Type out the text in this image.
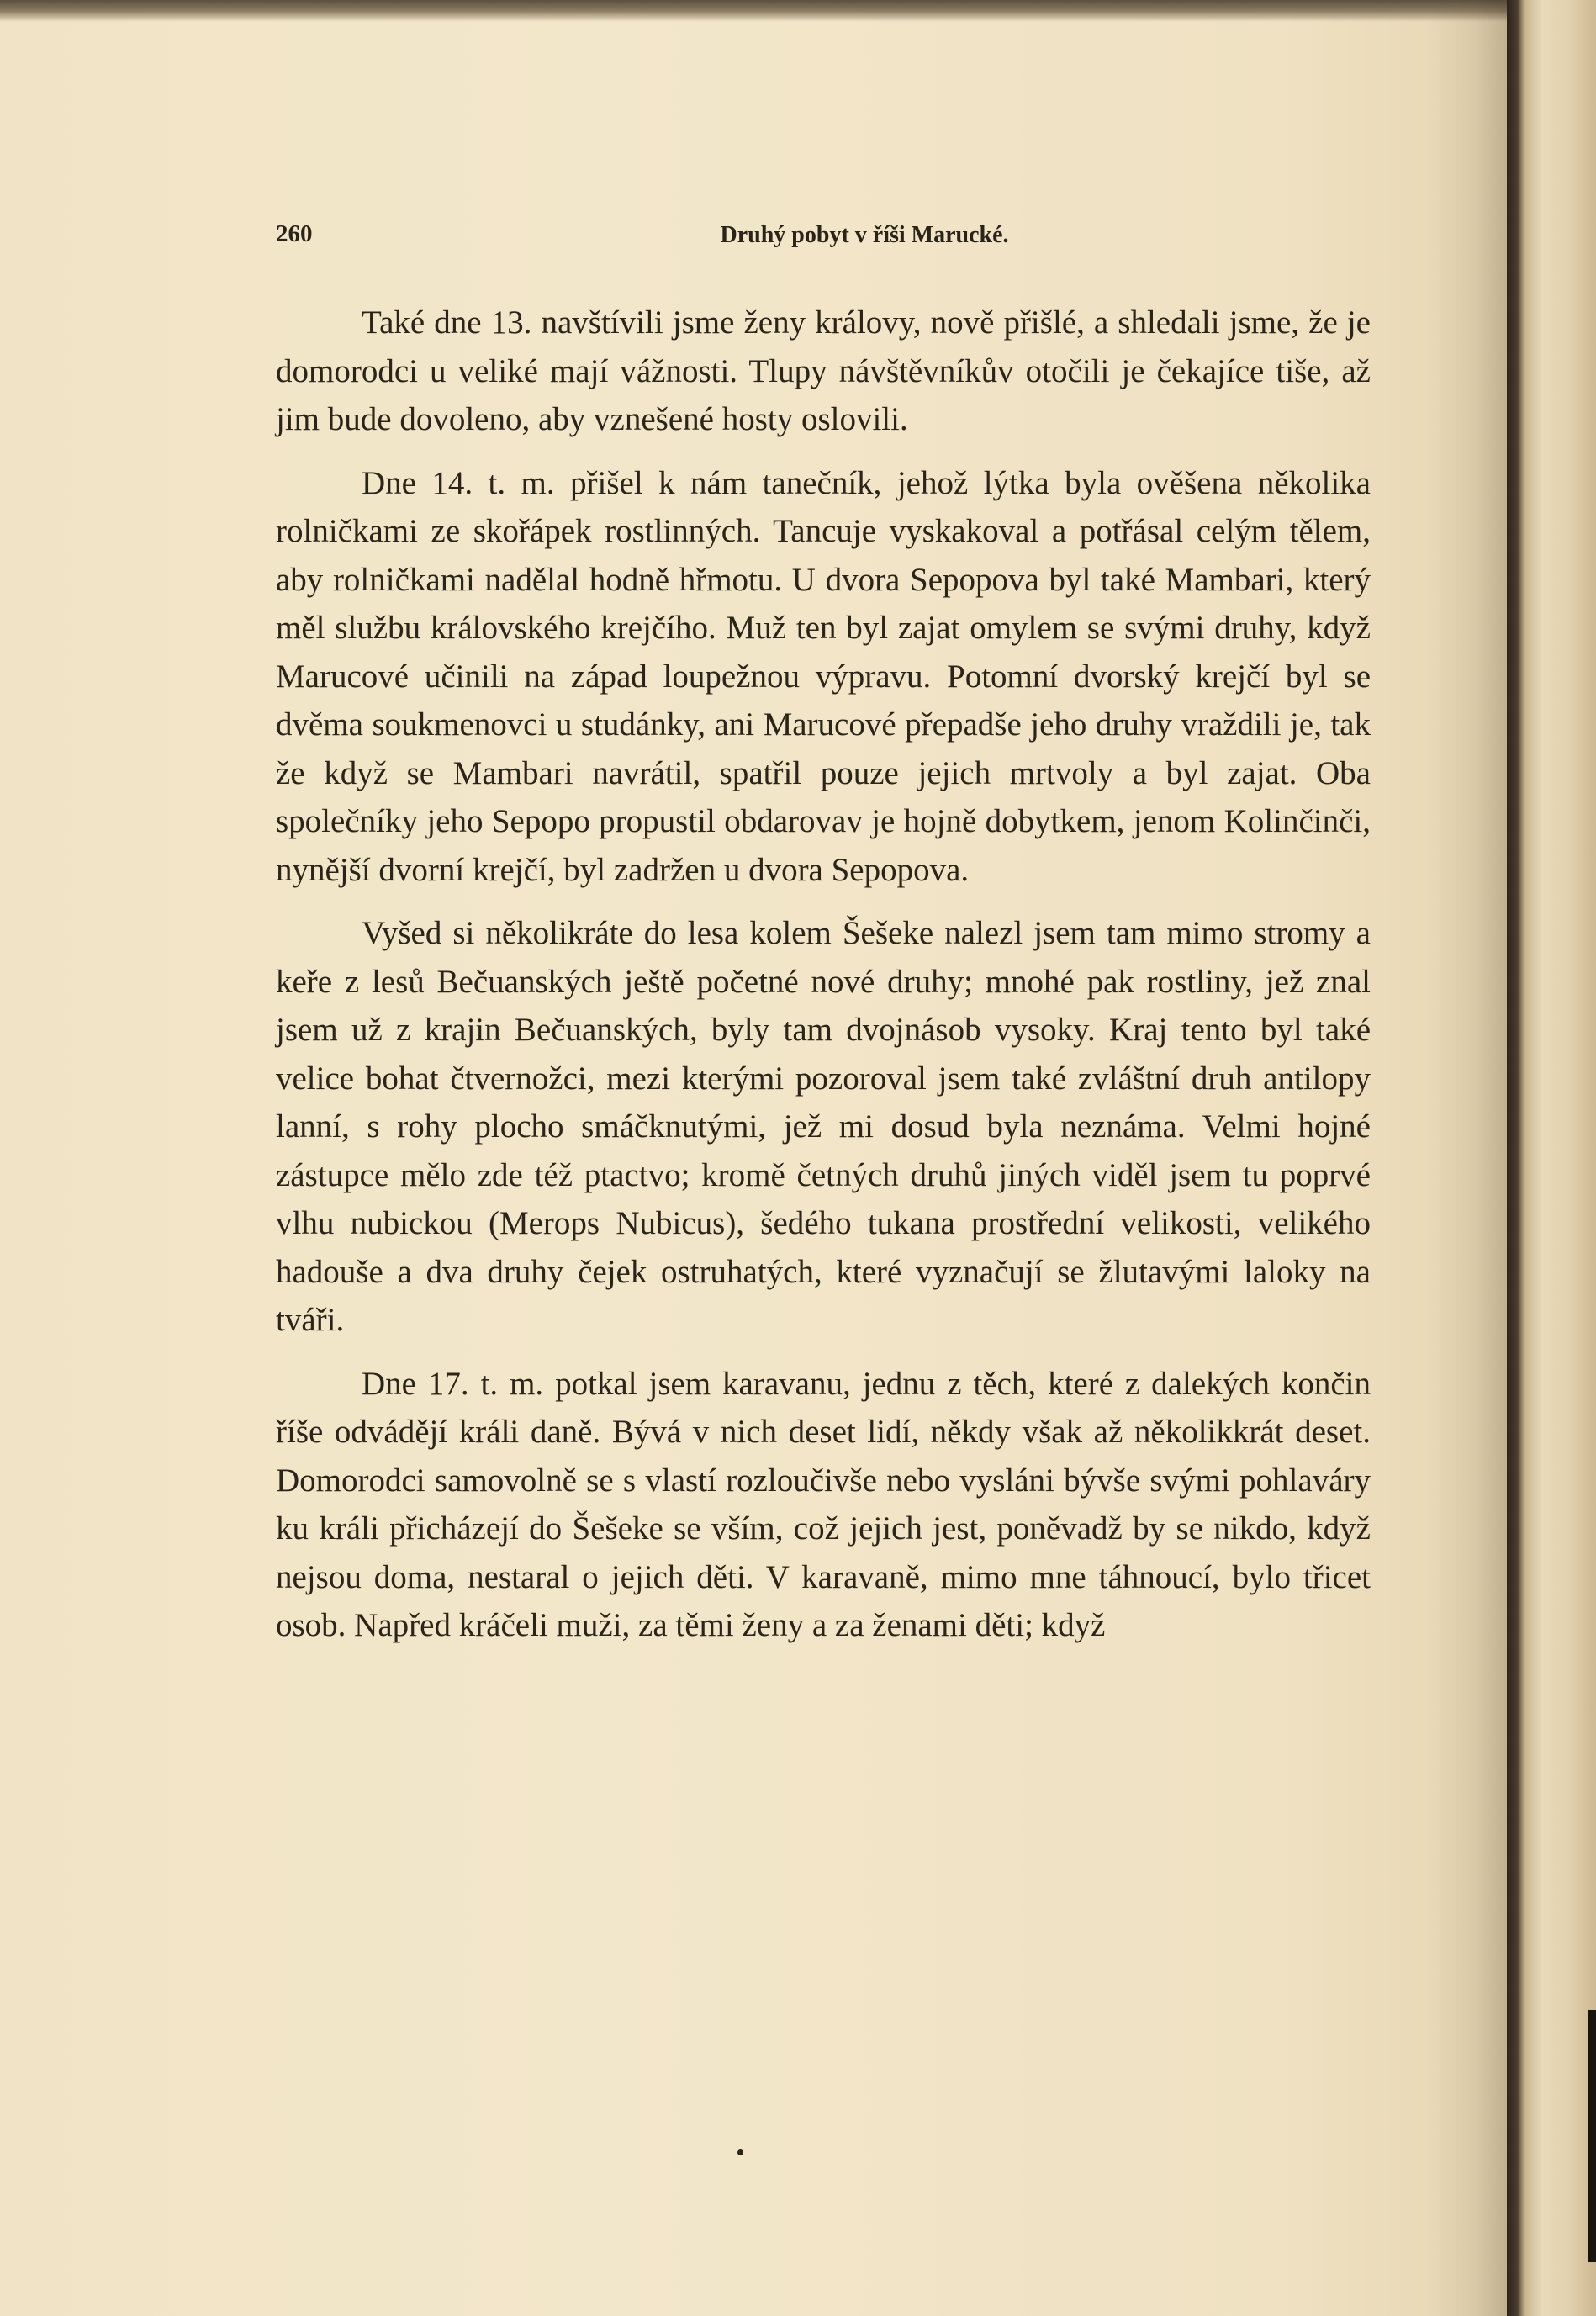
260	Druhý pobyt v říši Marucké.

Také dne 13. navštívili jsme ženy královy, nově přišlé, a shledali jsme, že je domorodci u veliké mají vážnosti. Tlupy návštěvníkův otočili je čekajíce tiše, až jim bude dovoleno, aby vznešené hosty oslovili.

Dne 14. t. m. přišel k nám tanečník, jehož lýtka byla ověšena několika rolničkami ze skořápek rostlinných. Tancuje vyskakoval a potřásal celým tělem, aby rolničkami nadělal hodně hřmotu. U dvora Sepopova byl také Mambari, který měl službu královského krejčího. Muž ten byl zajat omylem se svými druhy, když Marucové učinili na západ loupežnou výpravu. Potomní dvorský krejčí byl se dvěma soukmenovci u studánky, ani Marucové přepadše jeho druhy vraždili je, tak že když se Mambari navrátil, spatřil pouze jejich mrtvoly a byl zajat. Oba společníky jeho Sepopo propustil obdarovav je hojně dobytkem, jenom Kolinčinči, nynější dvorní krejčí, byl zadržen u dvora Sepopova.

Vyšed si několikráte do lesa kolem Šešeke nalezl jsem tam mimo stromy a keře z lesů Bečuanských ještě početné nové druhy; mnohé pak rostliny, jež znal jsem už z krajin Bečuanských, byly tam dvojnásob vysoky. Kraj tento byl také velice bohat čtvernožci, mezi kterými pozoroval jsem také zvláštní druh antilopy lanní, s rohy plocho smáčknutými, jež mi dosud byla neznáma. Velmi hojné zástupce mělo zde též ptactvo; kromě četných druhů jiných viděl jsem tu poprvé vlhu nubickou (Merops Nubicus), šedého tukana prostřední velikosti, velikého hadouše a dva druhy čejek ostruhatých, které vyznačují se žlutavými laloky na tváři.

Dne 17. t. m. potkal jsem karavanu, jednu z těch, které z dalekých končin říše odvádějí králi daně. Bývá v nich deset lidí, někdy však až několikkrát deset. Domorodci samovolně se s vlastí rozloučivše nebo vysláni bývše svými pohlaváry ku králi přicházejí do Šešeke se vším, což jejich jest, poněvadž by se nikdo, když nejsou doma, nestaral o jejich děti. V karavaně, mimo mne táhnoucí, bylo třicet osob. Napřed kráčeli muži, za těmi ženy a za ženami děti; když
